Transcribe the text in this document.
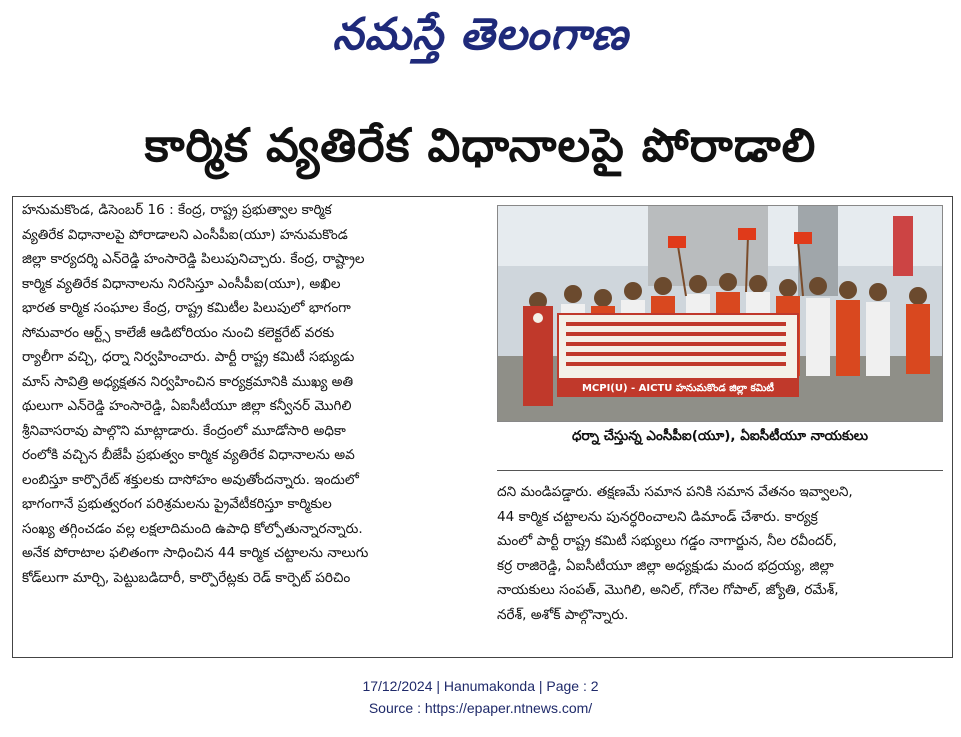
నమస్తే తెలంగాణ
కార్మిక వ్యతిరేక విధానాలపై పోరాడాలి
హనుమకొండ, డిసెంబర్ 16 : కేంద్ర, రాష్ట్ర ప్రభుత్వాల కార్మిక
వ్యతిరేక విధానాలపై పోరాడాలని ఎంసీపీఐ(యూ) హనుమకొండ
జిల్లా కార్యదర్శి ఎన్‌రెడ్డి హంసారెడ్డి పిలుపునిచ్చారు. కేంద్ర, రాష్ట్రాల
కార్మిక వ్యతిరేక విధానాలను నిరసిస్తూ ఎంసీపీఐ(యూ), అఖిల
భారత కార్మిక సంఘాల కేంద్ర, రాష్ట్ర కమిటీల పిలుపులో భాగంగా
సోమవారం ఆర్ట్స్ కాలేజీ ఆడిటోరియం నుంచి కలెక్టరేట్ వరకు
ర్యాలీగా వచ్చి, ధర్నా నిర్వహించారు. పార్టీ రాష్ట్ర కమిటీ సభ్యుడు
మాస్ సావిత్రి అధ్యక్షతన నిర్వహించిన కార్యక్రమానికి ముఖ్య అతి
థులుగా ఎన్‌రెడ్డి హంసారెడ్డి, ఏఐసీటీయూ జిల్లా కన్వీనర్ మొగిలి
శ్రీనివాసరావు పాల్గొని మాట్లాడారు. కేంద్రంలో మూడోసారి అధికా
రంలోకి వచ్చిన బీజేపీ ప్రభుత్వం కార్మిక వ్యతిరేక విధానాలను అవ
లంబిస్తూ కార్పొరేట్ శక్తులకు దాసోహం అవుతోందన్నారు. ఇందులో
భాగంగానే ప్రభుత్వరంగ పరిశ్రమలను ప్రైవేటీకరిస్తూ కార్మికుల
సంఖ్య తగ్గించడం వల్ల లక్షలాదిమంది ఉపాధి కోల్పోతున్నారన్నారు.
అనేక పోరాటాల ఫలితంగా సాధించిన 44 కార్మిక చట్టాలను నాలుగు
కోడ్‌లుగా మార్చి, పెట్టుబడిదారీ, కార్పొరేట్లకు రెడ్ కార్పెట్ పరిచిం
MCPI(U) - AICTU హనుమకొండ జిల్లా కమిటీ
ధర్నా చేస్తున్న ఎంసీపీఐ(యూ), ఏఐసీటీయూ నాయకులు
దని మండిపడ్డారు. తక్షణమే సమాన పనికి సమాన వేతనం ఇవ్వాలని,
44 కార్మిక చట్టాలను పునర్ధరించాలని డిమాండ్ చేశారు. కార్యక్ర
మంలో పార్టీ రాష్ట్ర కమిటీ సభ్యులు గడ్డం నాగార్జున, నీల రవీందర్,
కర్ర రాజిరెడ్డి, ఏఐసీటీయూ జిల్లా అధ్యక్షుడు మంద భద్రయ్య, జిల్లా
నాయకులు సంపత్, మొగిలి, అనిల్, గోనెల గోపాల్, జ్యోతి, రమేశ్,
నరేశ్, అశోక్ పాల్గొన్నారు.
17/12/2024 | Hanumakonda | Page : 2
Source : https://epaper.ntnews.com/
